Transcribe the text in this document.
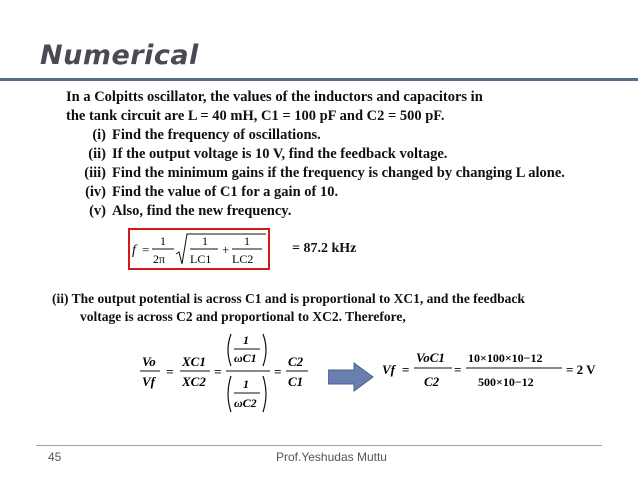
Numerical

In a Colpitts oscillator, the values of the inductors and capacitors in

the tank circuit are L = 40 mH, C1 = 100 pF and C2 = 500 pF.

(i) Find the frequency of oscillations.
(ii) If the output voltage is 10 V, find the feedback voltage.
(iii) Find the minimum gains if the frequency is changed by changing L alone.
(iv) Find the value of C1 for a gain of 10.
(v) Also, find the new frequency.
f =
1
2π
1
LC1
+
1
LC2
= 87.2 kHz

(ii) The output potential is across C1 and is proportional to XC1, and the feedback

voltage is across C2 and proportional to XC2. Therefore,

Vo
Vf
=
XC1
XC2
=
1
ωC1
1
ωC2
=
C2
C1
Vf =
VoC1
C2
=
10×100×10−12
500×10−12
= 2 V
45	Prof.Yeshudas Muttu
